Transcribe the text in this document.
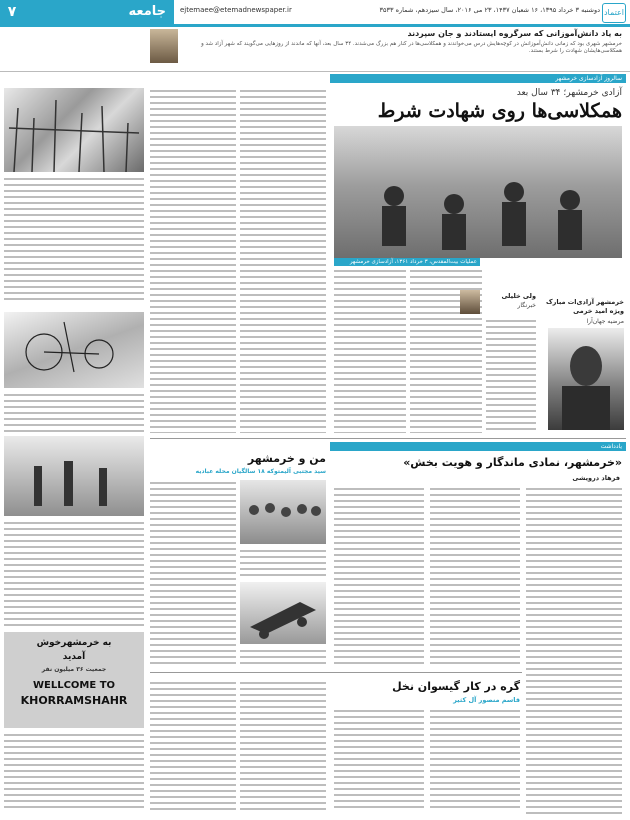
۷	جامعه	ejtemaee@etemadnewspaper.ir	دوشنبه ۳ خرداد ۱۳۹۵، ۱۶ شعبان ۱۴۳۷، ۲۳ می ۲۰۱۶، سال سیزدهم، شماره ۳۵۳۳ اعتماد
به یاد دانش‌آموزانی که سرگروه ایستادند و جان سپردند
خرمشهر شهری بود که زمانی دانش‌آموزانش در کوچه‌هایش درس می‌خواندند و همکلاسی‌ها در کنار هم بزرگ می‌شدند. ۳۴ سال بعد، آنها که ماندند از روزهایی می‌گویند که شهر آزاد شد و همکلاسی‌هایشان شهادت را شرط بستند.
به خرمشهرخوش
آمدید
جمعیت ۳۶ میلیون نفر
WELLCOME TO
KHORRAMSHAHR
سالروز آزادسازی خرمشهر
آزادی خرمشهر؛ ۳۴ سال بعد
همکلاسی‌ها روی شهادت شرط
عملیات بیت‌المقدس، ۳ خرداد ۱۳۶۱، آزادسازی خرمشهر
ولی خلیلی
خبرنگار	خرمشهر آزادی‌ات مبارک
ویژه امید خرمی
مرضیه جهان‌آرا
یادداشت
«خرمشهر، نمادی ماندگار و هویت بخش»
فرهاد درویشی
من و خرمشهر
سید مجتبی آلیمتوکه ۱۸ سالگیان محله عبادیه
گره در کار گیسوان نخل
قاسم منصور آل کثیر
